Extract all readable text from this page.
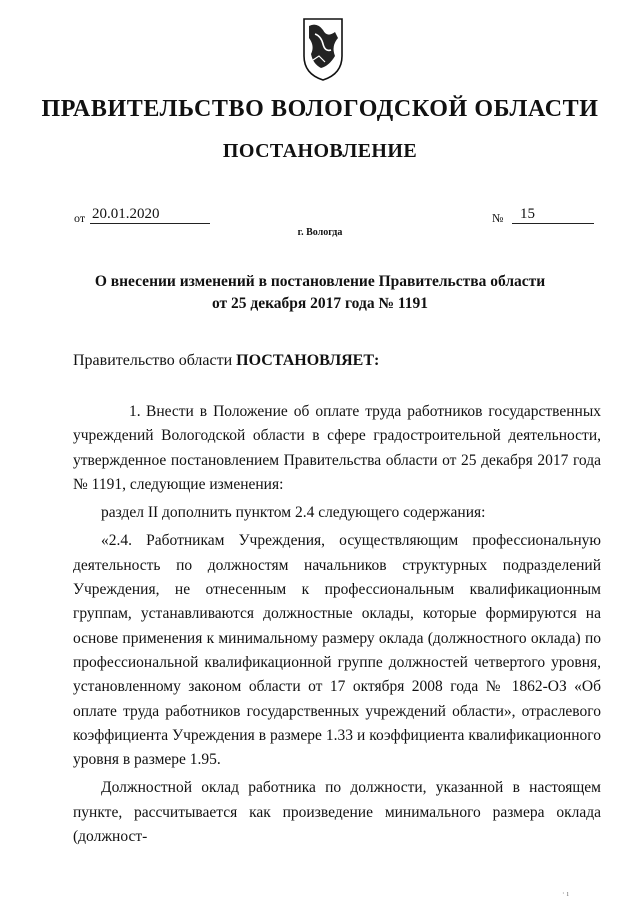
ПРАВИТЕЛЬСТВО ВОЛОГОДСКОЙ ОБЛАСТИ
ПОСТАНОВЛЕНИЕ
от 20.01.2020	№	15
г. Вологда
О внесении изменений в постановление Правительства области
от 25 декабря 2017 года № 1191
Правительство области ПОСТАНОВЛЯЕТ:

1. Внести в Положение об оплате труда работников государственных учреждений Вологодской области в сфере градостроительной деятельности, утвержденное постановлением Правительства области от 25 декабря 2017 года № 1191, следующие изменения:

раздел II дополнить пунктом 2.4 следующего содержания:

«2.4. Работникам Учреждения, осуществляющим профессиональную деятельность по должностям начальников структурных подразделений Учреждения, не отнесенным к профессиональным квалификационным группам, устанавливаются должностные оклады, которые формируются на основе применения к минимальному размеру оклада (должностного оклада) по профессиональной квалификационной группе должностей четвертого уровня, установленному законом области от 17 октября 2008 года № 1862-ОЗ «Об оплате труда работников государственных учреждений области», отраслевого коэффициента Учреждения в размере 1.33 и коэффициента квалификационного уровня в размере 1.95.

Должностной оклад работника по должности, указанной в настоящем пункте, рассчитывается как произведение минимального размера оклада (должност-

· ı
